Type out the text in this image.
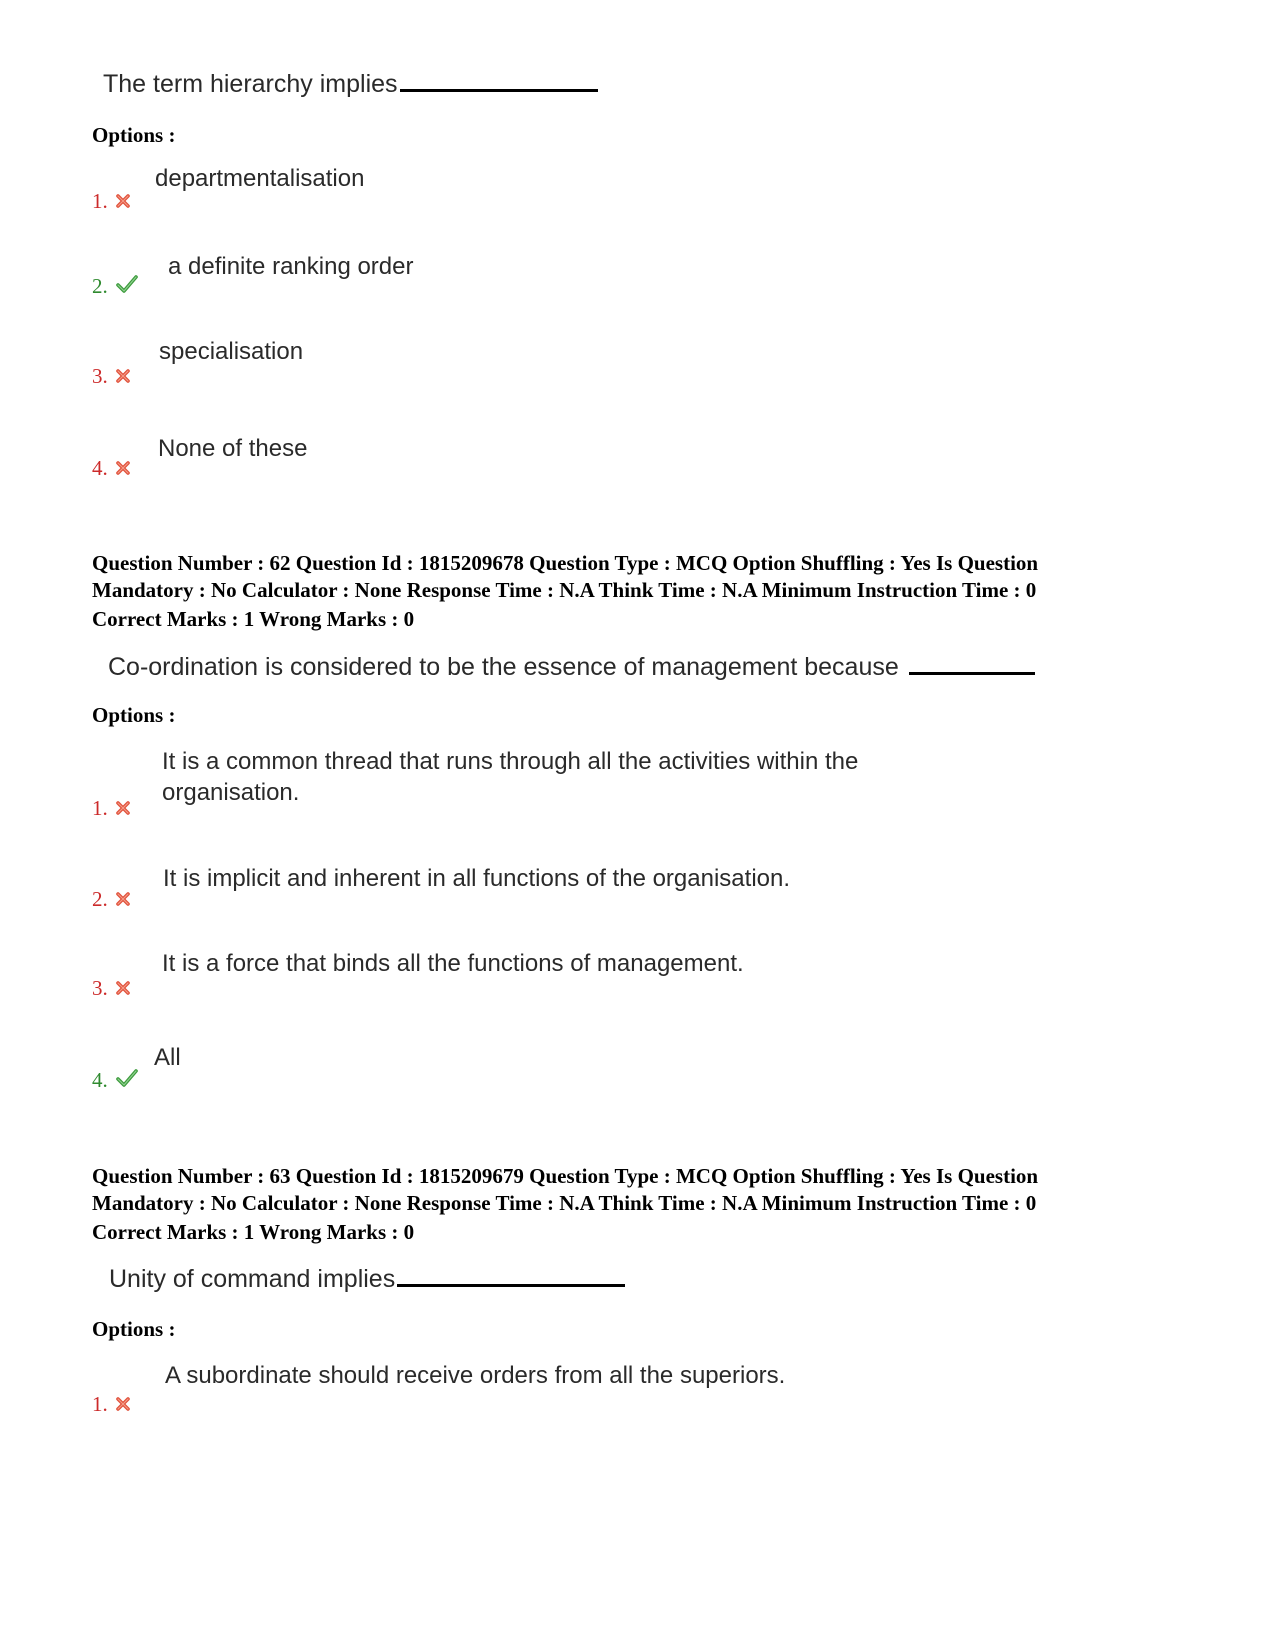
The term hierarchy implies
Options :
departmentalisation
1.
a definite ranking order
2.
specialisation
3.
None of these
4.
Question Number : 62 Question Id : 1815209678 Question Type : MCQ Option Shuffling : Yes Is Question
Mandatory : No Calculator : None Response Time : N.A Think Time : N.A Minimum Instruction Time : 0
Correct Marks : 1 Wrong Marks : 0
Co-ordination is considered to be the essence of management because
Options :
It is a common thread that runs through all the activities within the
organisation.
1.
It is implicit and inherent in all functions of the organisation.
2.
It is a force that binds all the functions of management.
3.
All
4.
Question Number : 63 Question Id : 1815209679 Question Type : MCQ Option Shuffling : Yes Is Question
Mandatory : No Calculator : None Response Time : N.A Think Time : N.A Minimum Instruction Time : 0
Correct Marks : 1 Wrong Marks : 0
Unity of command implies
Options :
A subordinate should receive orders from all the superiors.
1.
